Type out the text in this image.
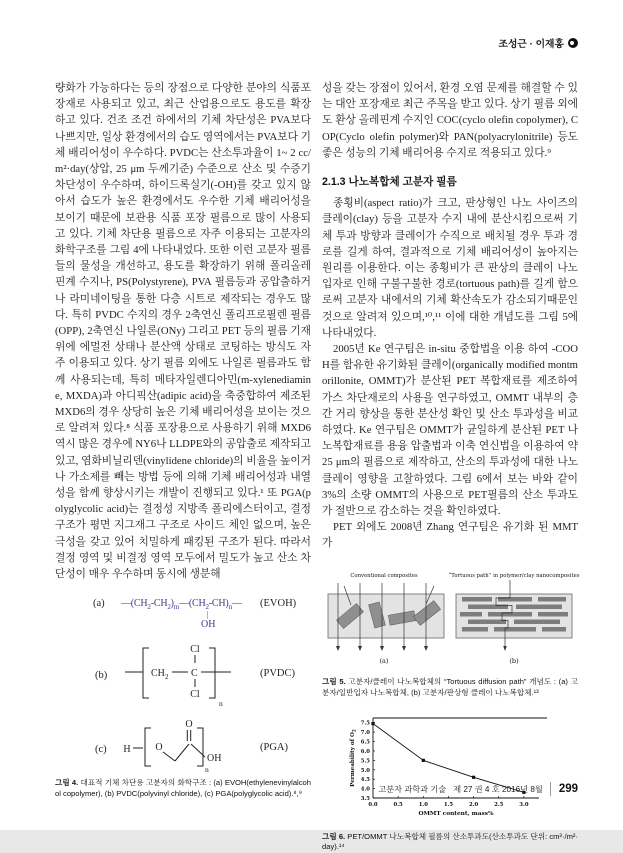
조성근 · 이재홍

량화가 가능하다는 등의 장점으로 다양한 분야의 식품포장재로 사용되고 있고, 최근 산업용으로도 용도를 확장하고 있다. 건조 조건 하에서의 기체 차단성은 PVA보다 나쁘지만, 일상 환경에서의 습도 영역에서는 PVA보다 기체 배리어성이 우수하다. PVDC는 산소투과율이 1~ 2 cc/m²·day(상압, 25 μm 두께기준) 수준으로 산소 및 수증기 차단성이 우수하며, 하이드록실기(-OH)를 갖고 있지 않아서 습도가 높은 환경에서도 우수한 기체 배리어성을 보이기 때문에 보관용 식품 포장 필름으로 많이 사용되고 있다. 기체 차단용 필름으로 자주 이용되는 고분자의 화학구조를 그림 4에 나타내었다. 또한 이런 고분자 필름들의 물성을 개선하고, 용도를 확장하기 위해 폴리올레핀계 수지나, PS(Polystyrene), PVA 필름등과 공압출하거나 라미네이팅을 통한 다층 시트로 제작되는 경우도 많다. 특히 PVDC 수지의 경우 2축연신 폴리프로필렌 필름(OPP), 2축연신 나일론(ONy) 그리고 PET 등의 필름 기재 위에 에멀전 상태나 분산액 상태로 코팅하는 방식도 자주 이용되고 있다. 상기 필름 외에도 나일론 필름과도 함께 사용되는데, 특히 메타자일렌디아민(m-xylenediamine, MXDA)과 아디픽산(adipic acid)을 축중합하여 제조된 MXD6의 경우 상당히 높은 기체 배리어성을 보이는 것으로 알려져 있다.⁸ 식품 포장용으로 사용하기 위해 MXD6 역시 많은 경우에 NY6나 LLDPE와의 공압출로 제작되고 있고, 염화비닐리덴(vinylidene chloride)의 비율을 높이거나 가소제를 빼는 방법 등에 의해 기체 배리어성과 내열성을 함께 향상시키는 개발이 진행되고 있다.¹ 또 PGA(polyglycolic acid)는 결정성 지방족 폴리에스터이고, 결정구조가 평면 지그재그 구조로 사이드 체인 없으며, 높은 극성을 갖고 있어 치밀하게 패킹된 구조가 된다. 따라서 결정 영역 및 비결정 영역 모두에서 밀도가 높고 산소 차단성이 매우 우수하며 동시에 생분해

(a) $—(CH_2-CH_2)_m—(CH_2-CH)_n—$
|
OH
(EVOH)
(b)	CH 2 C
Cl
Cl
n
(PVDC)
(c) H O
O
OH
n
(PGA)

그림 4. 대표적 기체 차단용 고분자의 화학구조 : (a) EVOH(ethylenevinylalcohol copolymer), (b) PVDC(polyvinyl chloride), (c) PGA(polyglycolic acid).⁸,⁹

성을 갖는 장점이 있어서, 환경 오염 문제를 해결할 수 있는 대안 포장재로 최근 주목을 받고 있다. 상기 필름 외에도 환상 올레핀계 수지인 COC(cyclo olefin copolymer), COP(Cyclo olefin polymer)와 PAN(polyacrylonitrile) 등도 좋은 성능의 기체 배리어용 수지로 적용되고 있다.⁹

2.1.3 나노복합체 고분자 필름

종횡비(aspect ratio)가 크고, 판상형인 나노 사이즈의 클레이(clay) 등을 고분자 수지 내에 분산시킴으로써 기체 투과 방향과 클레이가 수직으로 배치될 경우 투과 경로를 길게 하여, 결과적으로 기체 배리어성이 높아지는 원리를 이용한다. 이는 종횡비가 큰 판상의 클레이 나노입자로 인해 구불구불한 경로(tortuous path)를 길게 함으로써 고분자 내에서의 기체 확산속도가 감소되기때문인 것으로 알려져 있으며,¹⁰,¹¹ 이에 대한 개념도를 그림 5에 나타내었다.

2005년 Ke 연구팀은 in-situ 중합법을 이용 하여 -COOH를 함유한 유기화된 클레이(organically modified montmorillonite, OMMT)가 분산된 PET 복합재료를 제조하여 가스 차단재로의 사용을 연구하였고, OMMT 내부의 층간 거리 향상을 통한 분산성 확인 및 산소 투과성을 비교하였다. Ke 연구팀은 OMMT가 균일하게 분산된 PET 나노복합재료를 용융 압출법과 이축 연신법을 이용하여 약 25 μm의 필름으로 제작하고, 산소의 투과성에 대한 나노 클레이 영향을 고찰하였다. 그림 6에서 보는 바와 같이 3%의 소량 OMMT의 사용으로 PET필름의 산소 투과도가 절반으로 감소하는 것을 확인하였다.

PET 외에도 2008년 Zhang 연구팀은 유기화 된 MMT가

Conventional composites	“Tortuous path” in polymer/clay nanocomposites
(a)	(b)

그림 5. 고분자/클레이 나노복합체의 “Tortuous diffusion path” 개념도 : (a) 고분자/일반입자 나노복합체, (b) 고분자/판상형 클레이 나노복합체.¹³

0.0	0.5	1.0	1.5	2.0	2.5	3.0
3.5
4.0
4.5
5.0
5.5
6.0
6.5
7.0
7.5
OMMT content, mass%
Permeability of $O_2$

그림 6. PET/OMMT 나노복합체 필름의 산소투과도(산소투과도 단위: cm³·/m²·day).¹⁴

고분자 과학과 기술 제 27 권 4 호 2016년 8월	299
